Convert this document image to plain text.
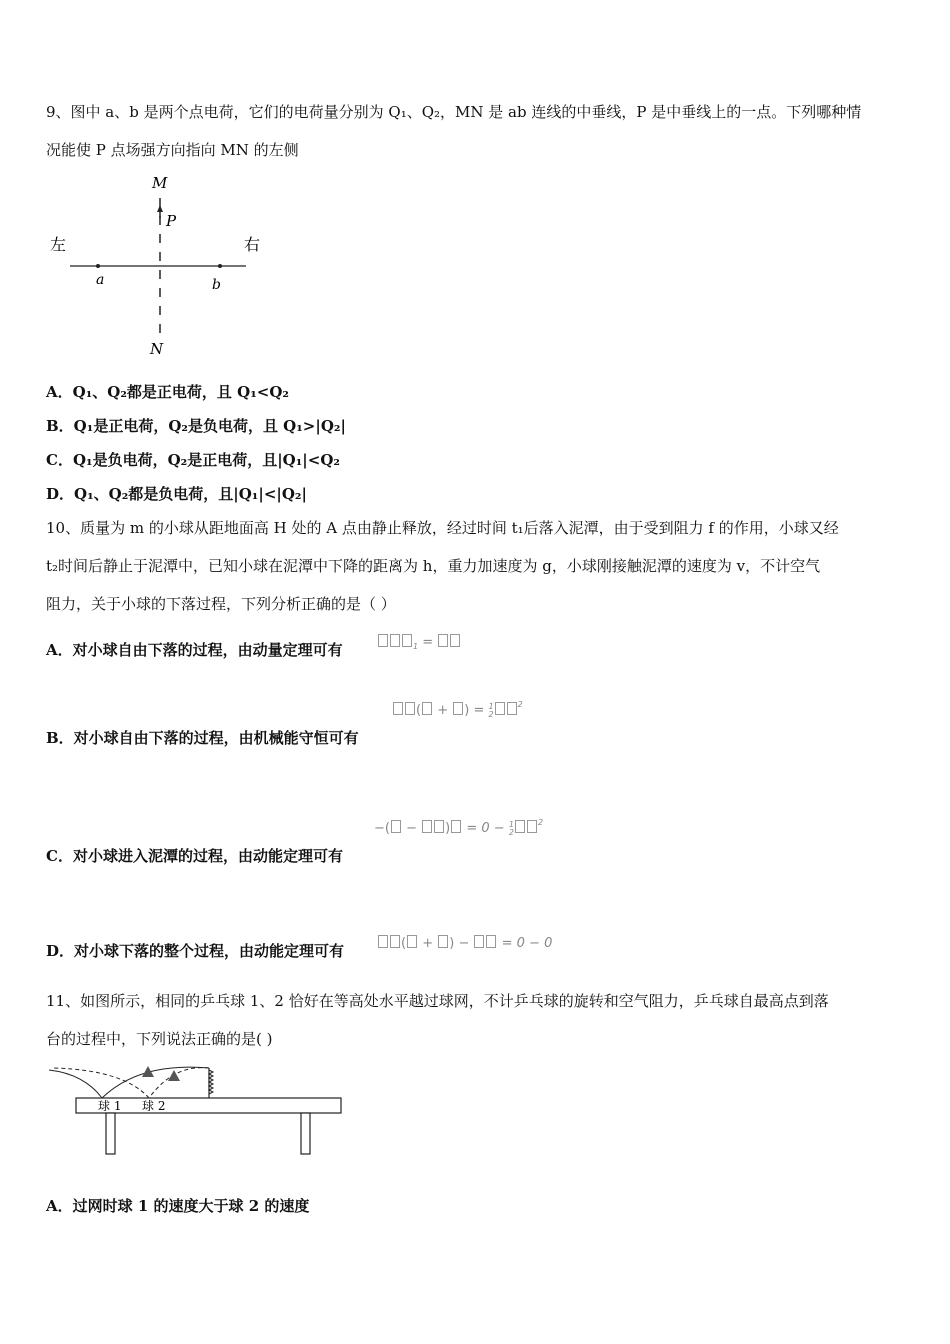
9、图中 a、b 是两个点电荷，它们的电荷量分别为 Q₁、Q₂，MN 是 ab 连线的中垂线，P 是中垂线上的一点。下列哪种情
况能使 P 点场强方向指向 MN 的左侧
M
P
N
a	b
左	右
A．Q₁、Q₂都是正电荷，且 Q₁<Q₂
B．Q₁是正电荷，Q₂是负电荷，且 Q₁>|Q₂|
C．Q₁是负电荷，Q₂是正电荷，且|Q₁|<Q₂
D．Q₁、Q₂都是负电荷，且|Q₁|<|Q₂|
10、质量为 m 的小球从距地面高 H 处的 A 点由静止释放，经过时间 t₁后落入泥潭，由于受到阻力 f 的作用，小球又经
t₂时间后静止于泥潭中，已知小球在泥潭中下降的距离为 h，重力加速度为 g，小球刚接触泥潭的速度为 v，不计空气
阻力，关于小球的下落过程，下列分析正确的是（ ）
A．对小球自由下落的过程，由动量定理可有	$_1$ =
( + ) = 1
$2^2$
B．对小球自由下落的过程，由机械能守恒可有
−( − ) = 0 − 1
$2^2$
C．对小球进入泥潭的过程，由动能定理可有
D．对小球下落的整个过程，由动能定理可有	( + ) −  = 0 − 0
11、如图所示，相同的乒乓球 1、2 恰好在等高处水平越过球网，不计乒乓球的旋转和空气阻力，乒乓球自最高点到落
台的过程中，下列说法正确的是( )
球 1 球 2
A．过网时球 1 的速度大于球 2 的速度
